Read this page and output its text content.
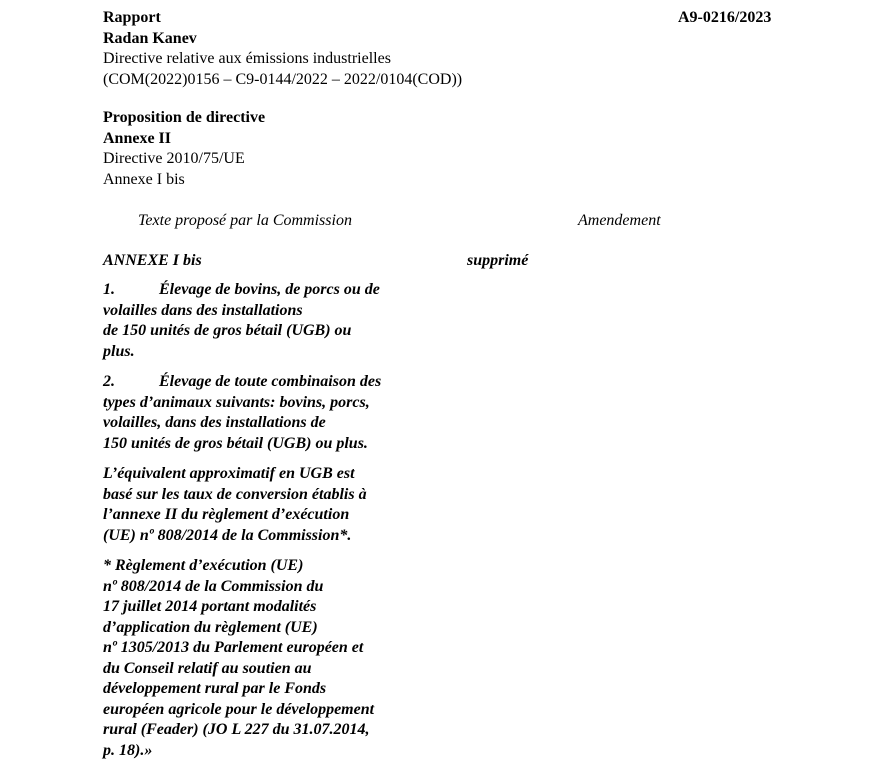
Rapport
Radan Kanev
Directive relative aux émissions industrielles
(COM(2022)0156 – C9-0144/2022 – 2022/0104(COD))
A9-0216/2023
Proposition de directive
Annexe II
Directive 2010/75/UE
Annexe I bis
Texte proposé par la Commission	Amendement
ANNEXE I bis	supprimé
1.	Élevage de bovins, de porcs ou de
volailles dans des installations
de 150 unités de gros bétail (UGB) ou
plus.
2.	Élevage de toute combinaison des
types d’animaux suivants: bovins, porcs,
volailles, dans des installations de
150 unités de gros bétail (UGB) ou plus.
L’équivalent approximatif en UGB est
basé sur les taux de conversion établis à
l’annexe II du règlement d’exécution
(UE) nº 808/2014 de la Commission*.
* Règlement d’exécution (UE)
nº 808/2014 de la Commission du
17 juillet 2014 portant modalités
d’application du règlement (UE)
nº 1305/2013 du Parlement européen et
du Conseil relatif au soutien au
développement rural par le Fonds
européen agricole pour le développement
rural (Feader) (JO L 227 du 31.07.2014,
p. 18).»
